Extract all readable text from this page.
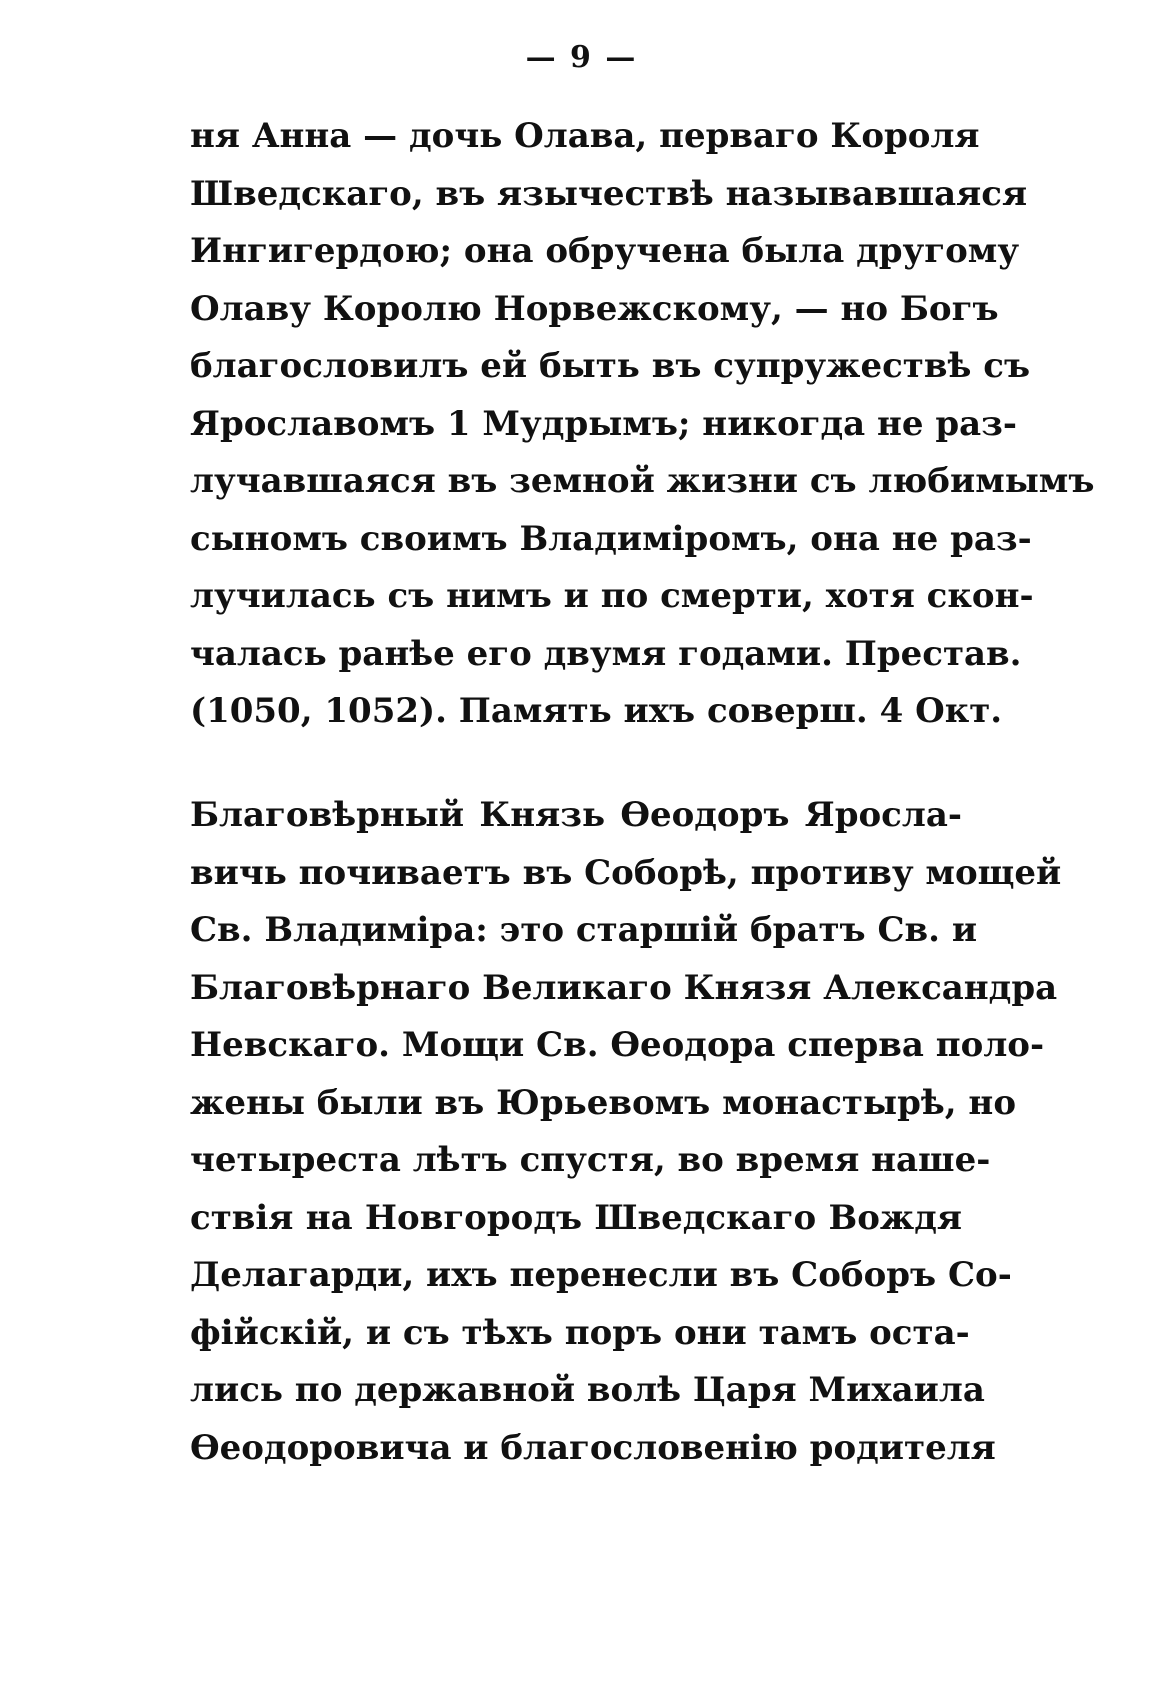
— 9 —
ня Анна — дочь Олава, перваго Короля
Шведскаго, въ язычествѣ называвшаяся
Ингигердою; она обручена была другому
Олаву Королю Норвежскому, — но Богъ
благословилъ ей быть въ супружествѣ съ
Ярославомъ 1 Мудрымъ; никогда не раз-
лучавшаяся въ земной жизни съ любимымъ
сыномъ своимъ Владиміромъ, она не раз-
лучилась съ нимъ и по смерти, хотя скон-
чалась ранѣе его двумя годами. Престав.
(1050, 1052). Память ихъ соверш. 4 Окт.
Благовѣрный Князь Ѳеодоръ Яросла-
вичь почиваетъ въ Соборѣ, противу мощей
Св. Владиміра: это старшій братъ Св. и
Благовѣрнаго Великаго Князя Александра
Невскаго. Мощи Св. Ѳеодора сперва поло-
жены были въ Юрьевомъ монастырѣ, но
четыреста лѣтъ спустя, во время наше-
ствія на Новгородъ Шведскаго Вождя
Делагарди, ихъ перенесли въ Соборъ Со-
фійскій, и съ тѣхъ поръ они тамъ оста-
лись по державной волѣ Царя Михаила
Ѳеодоровича и благословенію родителя
